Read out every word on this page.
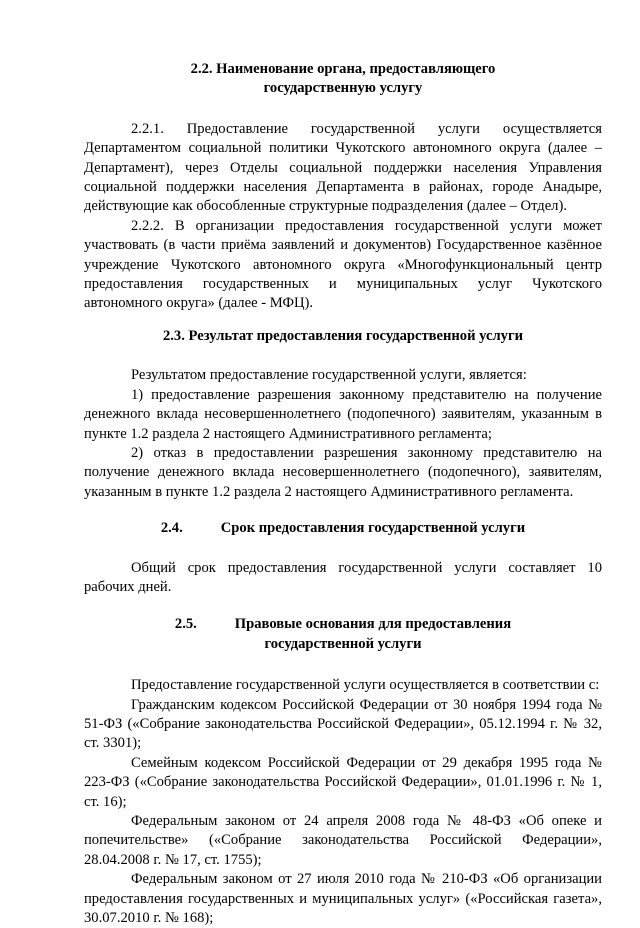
2.2. Наименование органа, предоставляющего
государственную услугу

2.2.1. Предоставление государственной услуги осуществляется Департаментом социальной политики Чукотского автономного округа (далее – Департамент), через Отделы социальной поддержки населения Управления социальной поддержки населения Департамента в районах, городе Анадыре, действующие как обособленные структурные подразделения (далее – Отдел).

2.2.2. В организации предоставления государственной услуги может участвовать (в части приёма заявлений и документов) Государственное казённое учреждение Чукотского автономного округа «Многофункциональный центр предоставления государственных и муниципальных услуг Чукотского автономного округа» (далее - МФЦ).

2.3. Результат предоставления государственной услуги

Результатом предоставление государственной услуги, является:

1) предоставление разрешения законному представителю на получение денежного вклада несовершеннолетнего (подопечного) заявителям, указанным в пункте 1.2 раздела 2 настоящего Административного регламента;

2) отказ в предоставлении разрешения законному представителю на получение денежного вклада несовершеннолетнего (подопечного), заявителям, указанным в пункте 1.2 раздела 2 настоящего Административного регламента.

2.4.	Срок предоставления государственной услуги

Общий срок предоставления государственной услуги составляет 10 рабочих дней.

2.5.	Правовые основания для предоставления
государственной услуги

Предоставление государственной услуги осуществляется в соответствии с:

Гражданским кодексом Российской Федерации от 30 ноября 1994 года № 51-ФЗ («Собрание законодательства Российской Федерации», 05.12.1994 г. № 32, ст. 3301);

Семейным кодексом Российской Федерации от 29 декабря 1995 года № 223-ФЗ («Собрание законодательства Российской Федерации», 01.01.1996 г. № 1, ст. 16);

Федеральным законом от 24 апреля 2008 года № 48-ФЗ «Об опеке и попечительстве» («Собрание законодательства Российской Федерации», 28.04.2008 г. № 17, ст. 1755);

Федеральным законом от 27 июля 2010 года № 210-ФЗ «Об организации предоставления государственных и муниципальных услуг» («Российская газета», 30.07.2010 г. № 168);
